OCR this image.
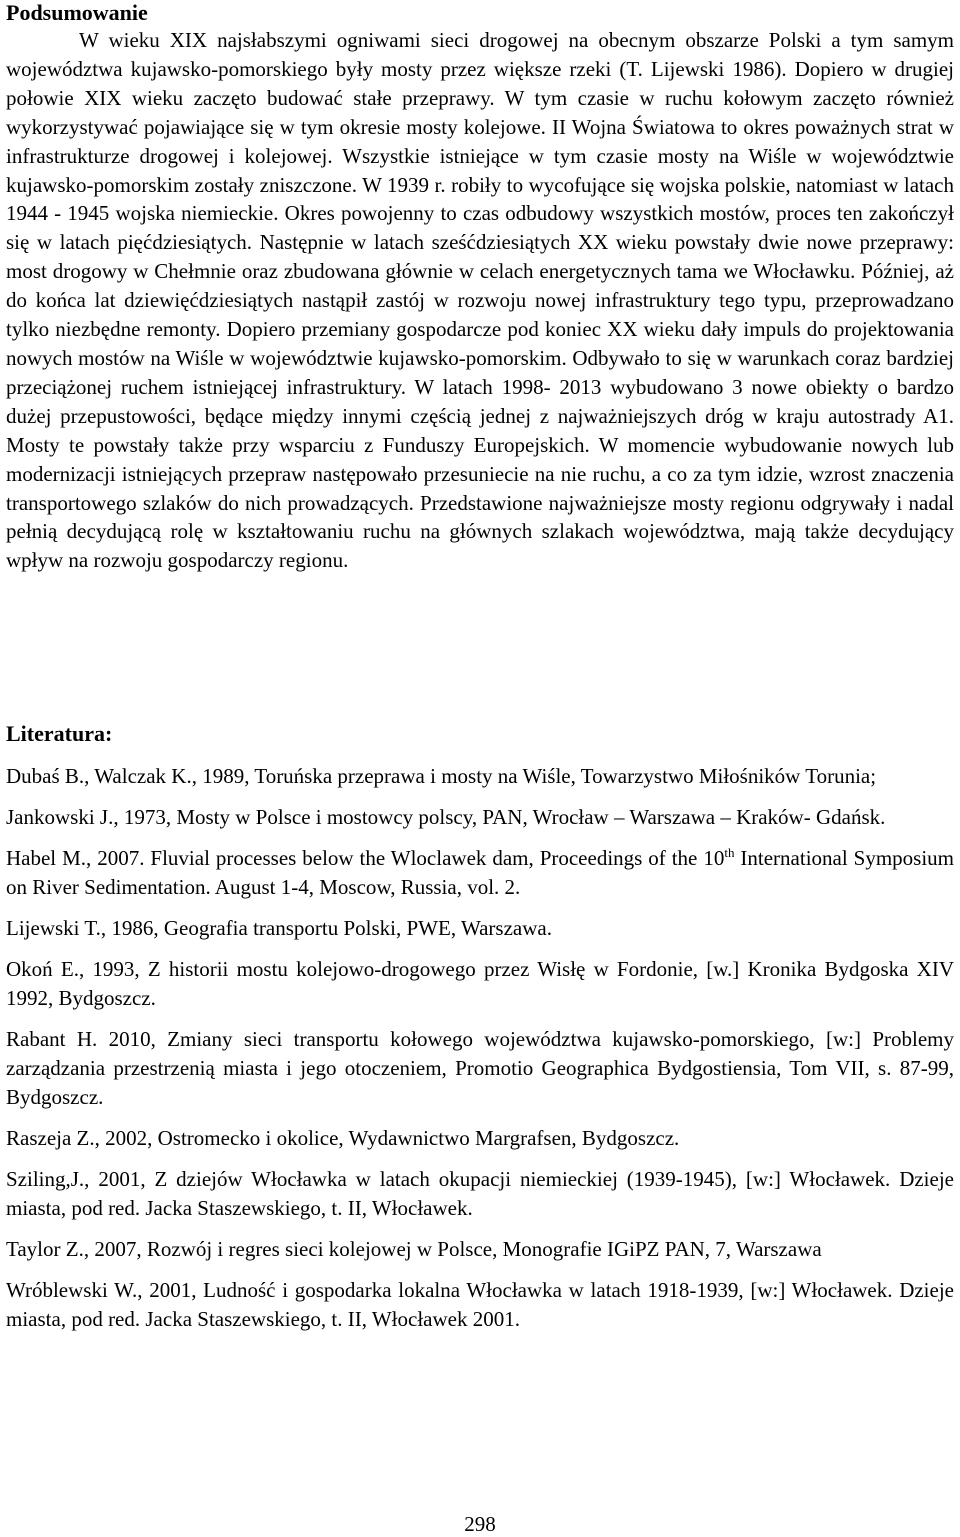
Podsumowanie

W wieku XIX najsłabszymi ogniwami sieci drogowej na obecnym obszarze Polski a tym samym województwa kujawsko-pomorskiego były mosty przez większe rzeki (T. Lijewski 1986). Dopiero w drugiej połowie XIX wieku zaczęto budować stałe przeprawy. W tym czasie w ruchu kołowym zaczęto również wykorzystywać pojawiające się w tym okresie mosty kolejowe. II Wojna Światowa to okres poważnych strat w infrastrukturze drogowej i kolejowej. Wszystkie istniejące w tym czasie mosty na Wiśle w województwie kujawsko-pomorskim zostały zniszczone. W 1939 r. robiły to wycofujące się wojska polskie, natomiast w latach 1944 - 1945 wojska niemieckie. Okres powojenny to czas odbudowy wszystkich mostów, proces ten zakończył się w latach pięćdziesiątych. Następnie w latach sześćdziesiątych XX wieku powstały dwie nowe przeprawy: most drogowy w Chełmnie oraz zbudowana głównie w celach energetycznych tama we Włocławku. Później, aż do końca lat dziewięćdziesiątych nastąpił zastój w rozwoju nowej infrastruktury tego typu, przeprowadzano tylko niezbędne remonty. Dopiero przemiany gospodarcze pod koniec XX wieku dały impuls do projektowania nowych mostów na Wiśle w województwie kujawsko-pomorskim. Odbywało to się w warunkach coraz bardziej przeciążonej ruchem istniejącej infrastruktury. W latach 1998- 2013 wybudowano 3 nowe obiekty o bardzo dużej przepustowości, będące między innymi częścią jednej z najważniejszych dróg w kraju autostrady A1. Mosty te powstały także przy wsparciu z Funduszy Europejskich. W momencie wybudowanie nowych lub modernizacji istniejących przepraw następowało przesuniecie na nie ruchu, a co za tym idzie, wzrost znaczenia transportowego szlaków do nich prowadzących. Przedstawione najważniejsze mosty regionu odgrywały i nadal pełnią decydującą rolę w kształtowaniu ruchu na głównych szlakach województwa, mają także decydujący wpływ na rozwoju gospodarczy regionu.

Literatura:

Dubaś B., Walczak K., 1989, Toruńska przeprawa i mosty na Wiśle, Towarzystwo Miłośników Torunia;

Jankowski J., 1973, Mosty w Polsce i mostowcy polscy, PAN, Wrocław – Warszawa – Kraków- Gdańsk.

Habel M., 2007. Fluvial processes below the Wloclawek dam, Proceedings of the 10th International Symposium on River Sedimentation. August 1-4, Moscow, Russia, vol. 2.

Lijewski T., 1986, Geografia transportu Polski, PWE, Warszawa.

Okoń E., 1993, Z historii mostu kolejowo-drogowego przez Wisłę w Fordonie, [w.] Kronika Bydgoska XIV 1992, Bydgoszcz.

Rabant H. 2010, Zmiany sieci transportu kołowego województwa kujawsko-pomorskiego, [w:] Problemy zarządzania przestrzenią miasta i jego otoczeniem, Promotio Geographica Bydgostiensia, Tom VII, s. 87-99, Bydgoszcz.

Raszeja Z., 2002, Ostromecko i okolice, Wydawnictwo Margrafsen, Bydgoszcz.

Sziling,J., 2001, Z dziejów Włocławka w latach okupacji niemieckiej (1939-1945), [w:] Włocławek. Dzieje miasta, pod red. Jacka Staszewskiego, t. II, Włocławek.

Taylor Z., 2007, Rozwój i regres sieci kolejowej w Polsce, Monografie IGiPZ PAN, 7, Warszawa

Wróblewski W., 2001, Ludność i gospodarka lokalna Włocławka w latach 1918-1939, [w:] Włocławek. Dzieje miasta, pod red. Jacka Staszewskiego, t. II, Włocławek 2001.

298
